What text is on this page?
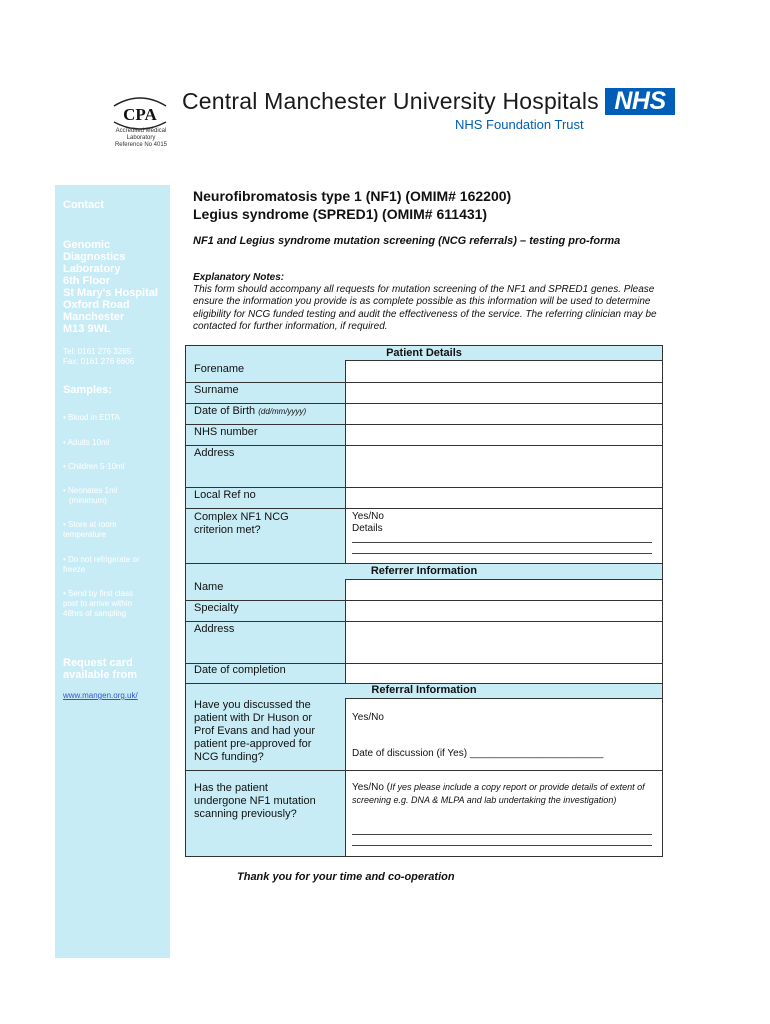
CPA
Accredited Medical
Laboratory
Reference No 4015
Central Manchester University Hospitals
NHS Foundation Trust
NHS
Contact
Genomic
Diagnostics
Laboratory
6th Floor
St Mary's Hospital
Oxford Road
Manchester
M13 9WL
Tel: 0161 276 3265
Fax: 0161 276 6606
Samples:
• Blood in EDTA
• Adults 10ml
• Children 5-10ml
• Neonates 1ml
(minimum)
• Store at room
temperature
• Do not refrigerate or
freeze
• Send by first class
post to arrive within
48hrs of sampling
Request card
available from
www.mangen.org.uk/
Neurofibromatosis type 1 (NF1) (OMIM# 162200)
Legius syndrome (SPRED1) (OMIM# 611431)
NF1 and Legius syndrome mutation screening (NCG referrals) – testing pro-forma
Explanatory Notes:
This form should accompany all requests for mutation screening of the NF1 and SPRED1 genes. Please ensure the information you provide is as complete possible as this information will be used to determine eligibility for NCG funded testing and audit the effectiveness of the service. The referring clinician may be contacted for further information, if required.
Patient Details
Forename
Surname
Date of Birth (dd/mm/yyyy)
NHS number
Address
Local Ref no
Complex NF1 NCG
criterion met?
Yes/No
Details
Referrer Information
Name
Specialty
Address
Date of completion
Referral Information
Have you discussed the
patient with Dr Huson or
Prof Evans and had your
patient pre-approved for
NCG funding?
Yes/No
Date of discussion (if Yes) ________________________
Has the patient
undergone NF1 mutation
scanning previously?
Yes/No (If yes please include a copy report or provide details of extent of screening e.g. DNA & MLPA and lab undertaking the investigation)
Thank you for your time and co-operation
